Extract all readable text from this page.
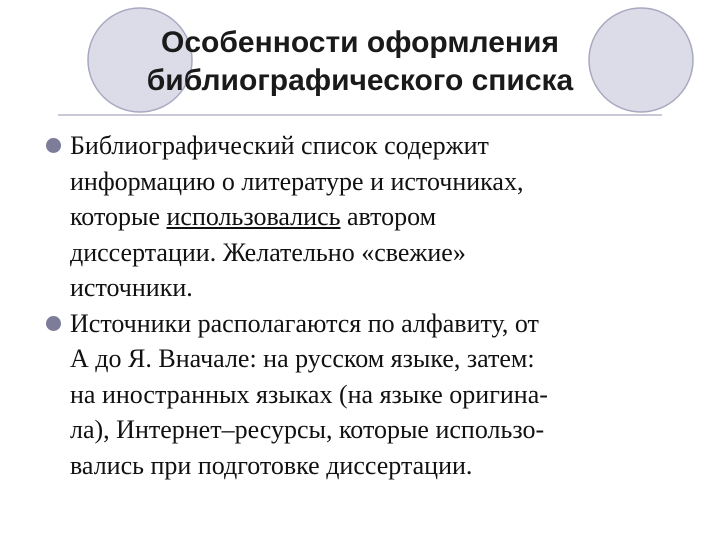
Особенности оформления
библиографического списка
Библиографический список содержит
информацию о литературе и источниках,
которые использовались автором
диссертации. Желательно «свежие»
источники.
Источники располагаются по алфавиту, от
А до Я. Вначале: на русском языке, затем:
на иностранных языках (на языке оригина-
ла), Интернет–ресурсы, которые использо-
вались при подготовке диссертации.
